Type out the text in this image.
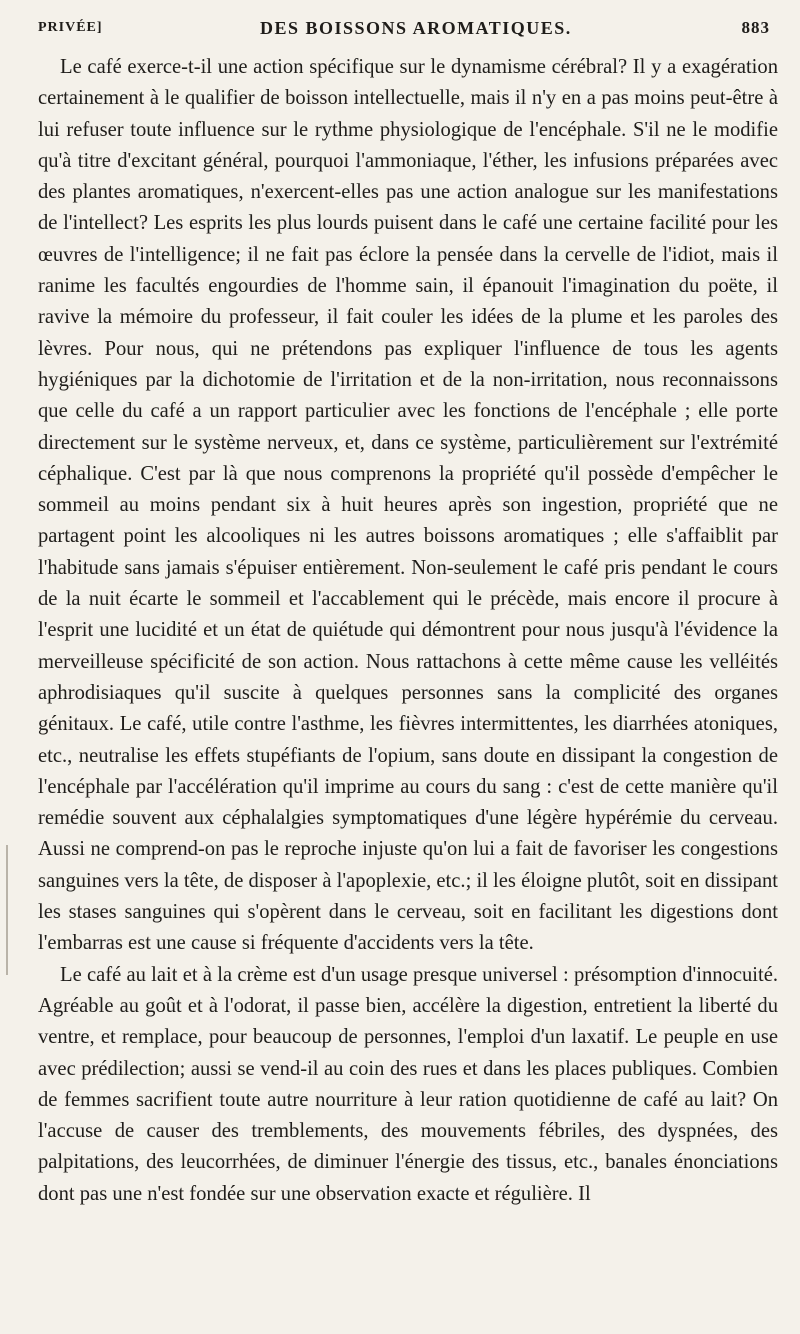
PRIVÉE]	DES BOISSONS AROMATIQUES.	883

Le café exerce-t-il une action spécifique sur le dynamisme cérébral? Il y a exagération certainement à le qualifier de boisson intellectuelle, mais il n'y en a pas moins peut-être à lui refuser toute influence sur le rythme physiologique de l'encéphale. S'il ne le modifie qu'à titre d'excitant général, pourquoi l'ammoniaque, l'éther, les infusions préparées avec des plantes aromatiques, n'exercent-elles pas une action analogue sur les manifestations de l'intellect? Les esprits les plus lourds puisent dans le café une certaine facilité pour les œuvres de l'intelligence; il ne fait pas éclore la pensée dans la cervelle de l'idiot, mais il ranime les facultés engourdies de l'homme sain, il épanouit l'imagination du poëte, il ravive la mémoire du professeur, il fait couler les idées de la plume et les paroles des lèvres. Pour nous, qui ne prétendons pas expliquer l'influence de tous les agents hygiéniques par la dichotomie de l'irritation et de la non-irritation, nous reconnaissons que celle du café a un rapport particulier avec les fonctions de l'encéphale ; elle porte directement sur le système nerveux, et, dans ce système, particulièrement sur l'extrémité céphalique. C'est par là que nous comprenons la propriété qu'il possède d'empêcher le sommeil au moins pendant six à huit heures après son ingestion, propriété que ne partagent point les alcooliques ni les autres boissons aromatiques ; elle s'affaiblit par l'habitude sans jamais s'épuiser entièrement. Non-seulement le café pris pendant le cours de la nuit écarte le sommeil et l'accablement qui le précède, mais encore il procure à l'esprit une lucidité et un état de quiétude qui démontrent pour nous jusqu'à l'évidence la merveilleuse spécificité de son action. Nous rattachons à cette même cause les velléités aphrodisiaques qu'il suscite à quelques personnes sans la complicité des organes génitaux. Le café, utile contre l'asthme, les fièvres intermittentes, les diarrhées atoniques, etc., neutralise les effets stupéfiants de l'opium, sans doute en dissipant la congestion de l'encéphale par l'accélération qu'il imprime au cours du sang : c'est de cette manière qu'il remédie souvent aux céphalalgies symptomatiques d'une légère hypérémie du cerveau. Aussi ne comprend-on pas le reproche injuste qu'on lui a fait de favoriser les congestions sanguines vers la tête, de disposer à l'apoplexie, etc.; il les éloigne plutôt, soit en dissipant les stases sanguines qui s'opèrent dans le cerveau, soit en facilitant les digestions dont l'embarras est une cause si fréquente d'accidents vers la tête.

Le café au lait et à la crème est d'un usage presque universel : présomption d'innocuité. Agréable au goût et à l'odorat, il passe bien, accélère la digestion, entretient la liberté du ventre, et remplace, pour beaucoup de personnes, l'emploi d'un laxatif. Le peuple en use avec prédilection; aussi se vend-il au coin des rues et dans les places publiques. Combien de femmes sacrifient toute autre nourriture à leur ration quotidienne de café au lait? On l'accuse de causer des tremblements, des mouvements fébriles, des dyspnées, des palpitations, des leucorrhées, de diminuer l'énergie des tissus, etc., banales énonciations dont pas une n'est fondée sur une observation exacte et régulière. Il
